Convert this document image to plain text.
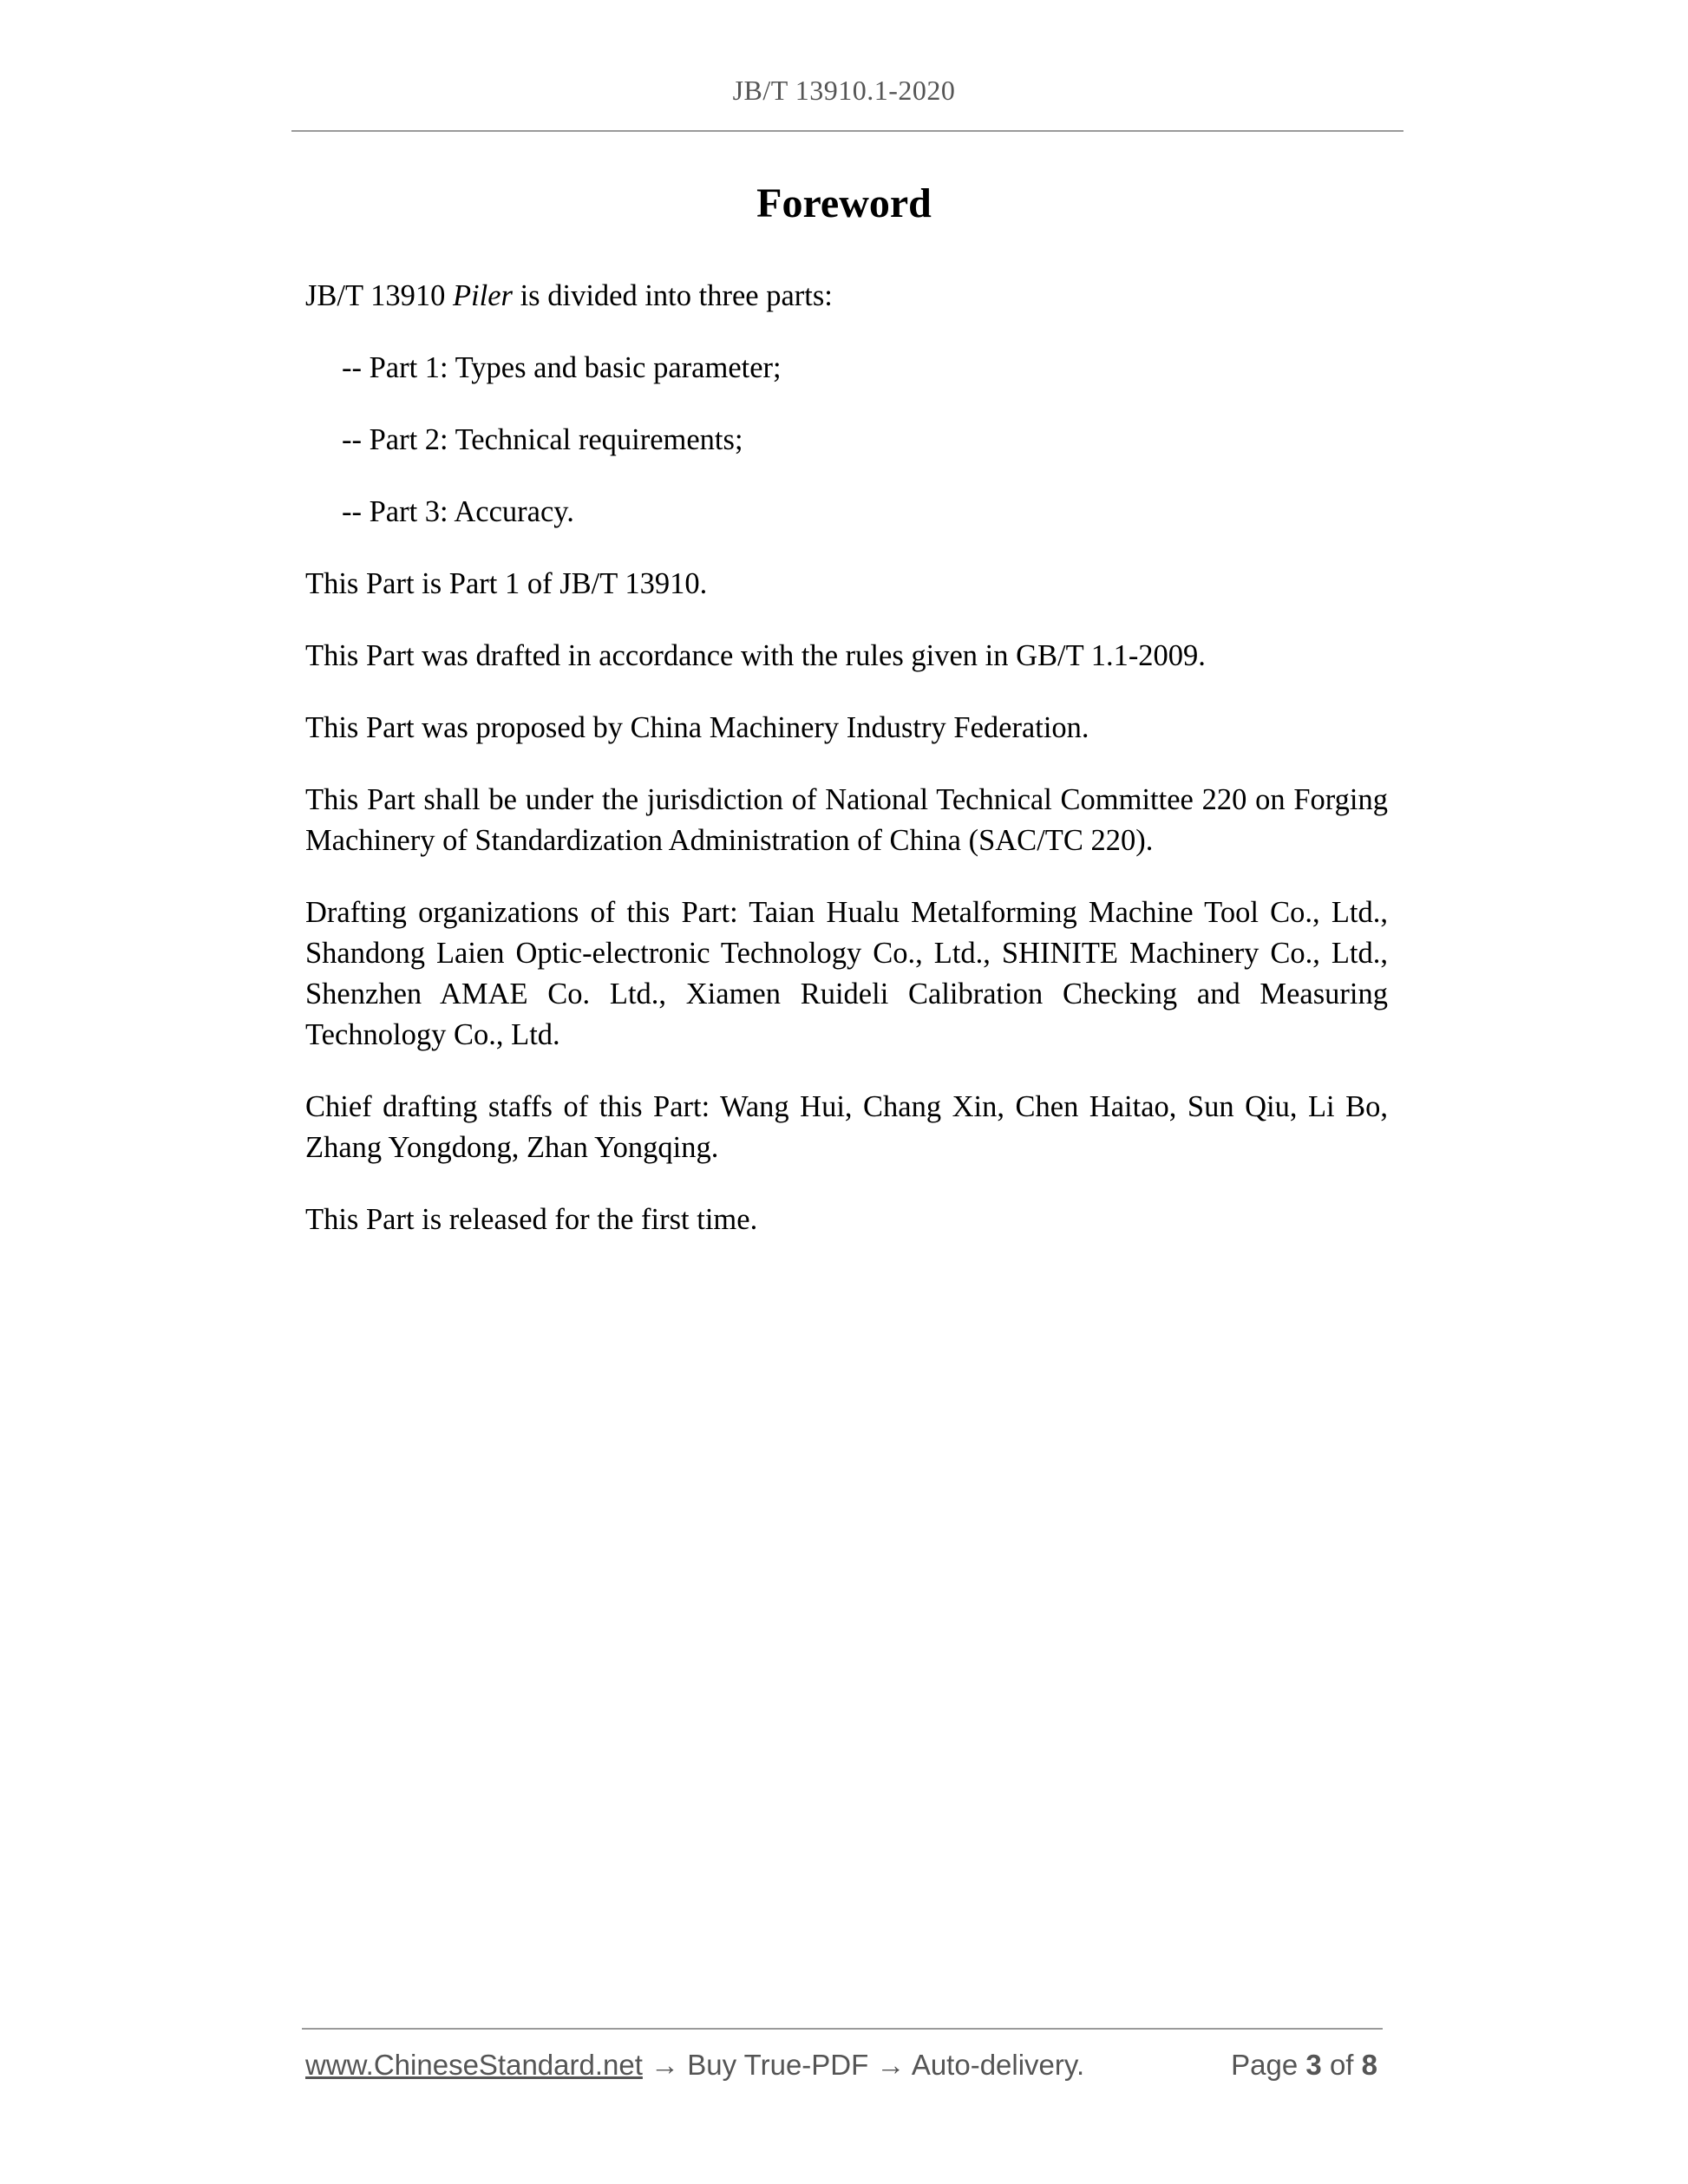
JB/T 13910.1-2020
Foreword

JB/T 13910 Piler is divided into three parts:

-- Part 1: Types and basic parameter;

-- Part 2: Technical requirements;

-- Part 3: Accuracy.

This Part is Part 1 of JB/T 13910.

This Part was drafted in accordance with the rules given in GB/T 1.1-2009.

This Part was proposed by China Machinery Industry Federation.

This Part shall be under the jurisdiction of National Technical Committee 220 on Forging Machinery of Standardization Administration of China (SAC/TC 220).

Drafting organizations of this Part: Taian Hualu Metalforming Machine Tool Co., Ltd., Shandong Laien Optic-electronic Technology Co., Ltd., SHINITE Machinery Co., Ltd., Shenzhen AMAE Co. Ltd., Xiamen Ruideli Calibration Checking and Measuring Technology Co., Ltd.

Chief drafting staffs of this Part: Wang Hui, Chang Xin, Chen Haitao, Sun Qiu, Li Bo, Zhang Yongdong, Zhan Yongqing.

This Part is released for the first time.

www.ChineseStandard.net → Buy True-PDF → Auto-delivery.	Page 3 of 8
